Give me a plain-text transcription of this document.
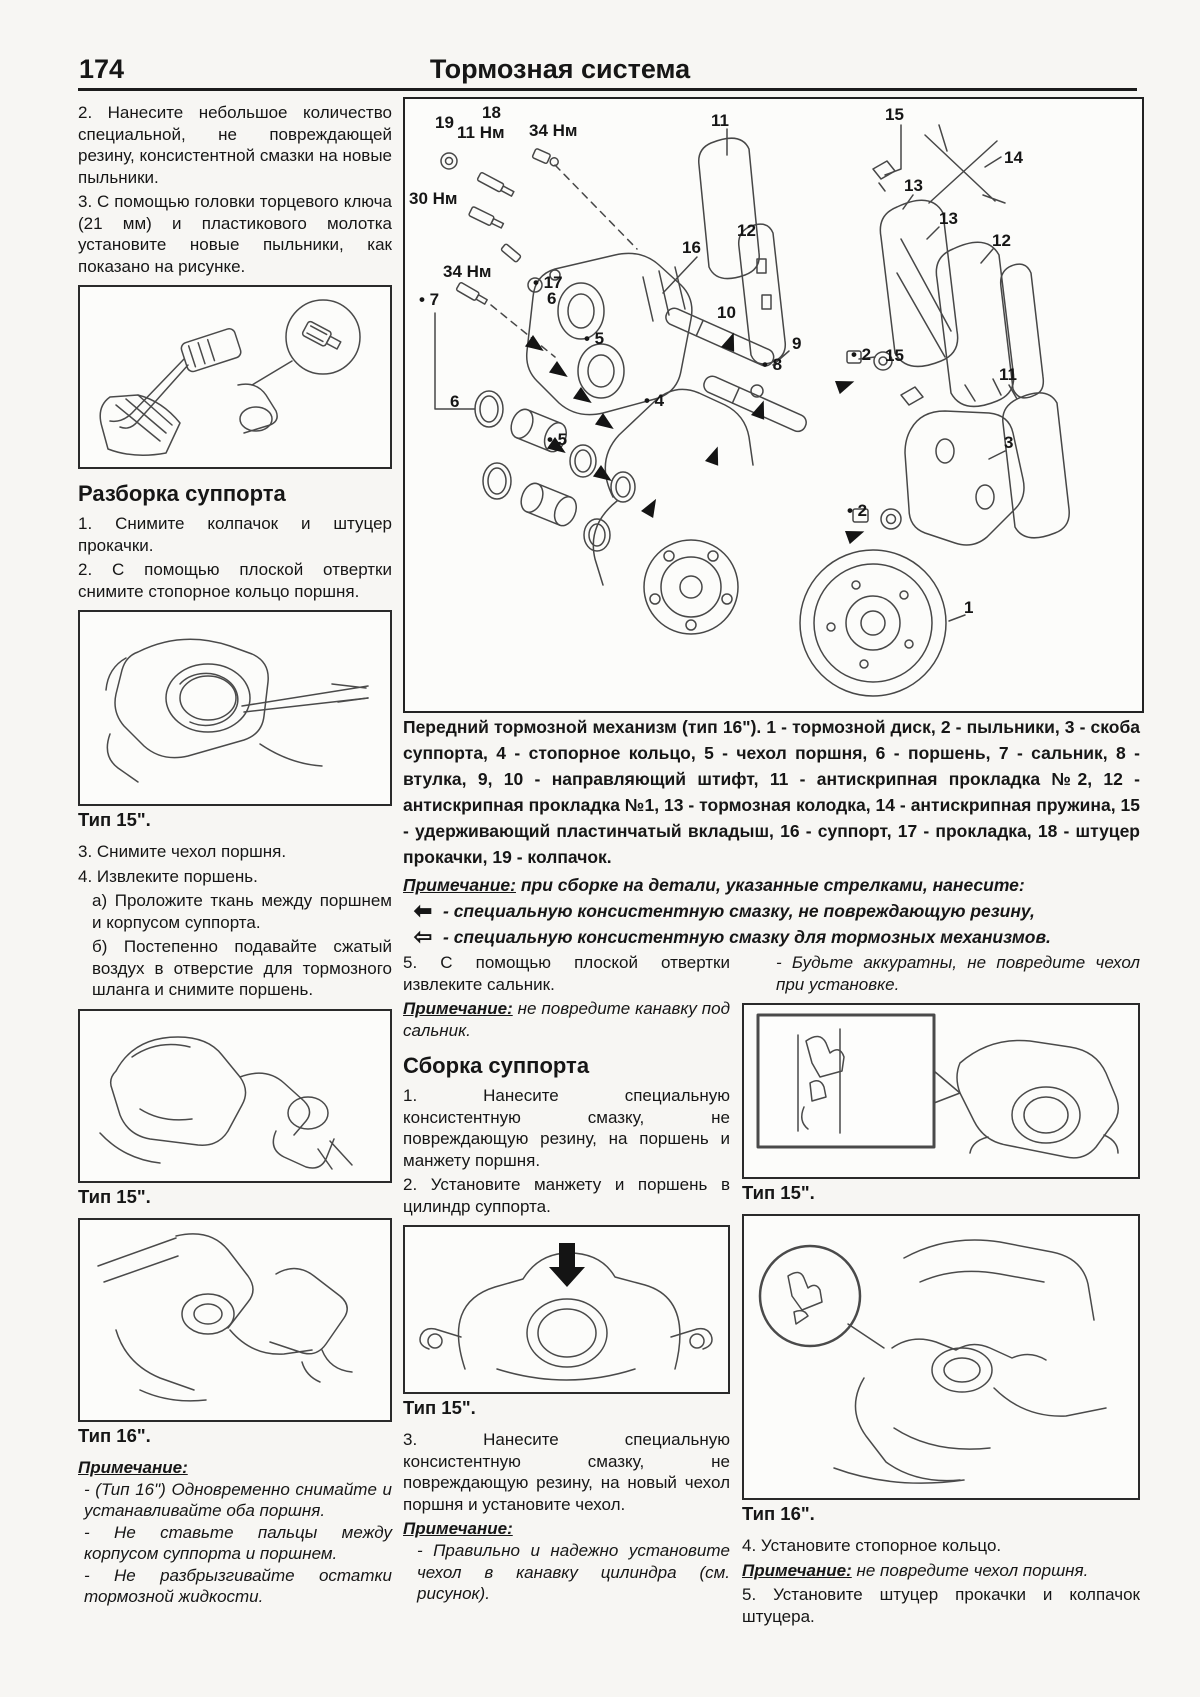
174	Тормозная система

2. Нанесите небольшое количество специальной, не повреждающей резину, консистентной смазки на новые пыльники.

3. С помощью головки торцевого ключа (21 мм) и пластикового молотка установите новые пыльники, как показано на рисунке.

Разборка суппорта

1. Снимите колпачок и штуцер прокачки.

2. С помощью плоской отвертки снимите стопорное кольцо поршня.

Тип 15".

3. Снимите чехол поршня.

4. Извлеките поршень.

а) Проложите ткань между поршнем и корпусом суппорта.

б) Постепенно подавайте сжатый воздух в отверстие для тормозного шланга и снимите поршень.

Тип 15".
Тип 16".
Примечание:
- (Тип 16") Одновременно снимайте и устанавливайте оба поршня.
- Не ставьте пальцы между корпусом суппорта и поршнем.
- Не разбрызгивайте остатки тормозной жидкости.
19
18
11 Нм 34 Нм
30 Нм
34 Нм
• 17
• 7	6
• 5
16
10
9
• 8
• 4
• 5
6
11	15
12
13
14
13
12
• 2 15
11
3
• 2
1

Передний тормозной механизм (тип 16"). 1 - тормозной диск, 2 - пыльники, 3 - скоба суппорта, 4 - стопорное кольцо, 5 - чехол поршня, 6 - поршень, 7 - сальник, 8 - втулка, 9, 10 - направляющий штифт, 11 - антискрипная прокладка №2, 12 - антискрипная прокладка №1, 13 - тормозная колодка, 14 - антискрипная пружина, 15 - удерживающий пластинчатый вкладыш, 16 - суппорт, 17 - прокладка, 18 - штуцер прокачки, 19 - колпачок.

Примечание: при сборке на детали, указанные стрелками, нанесите:

⬅ - специальную консистентную смазку, не повреждающую резину,
⇦ - специальную консистентную смазку для тормозных механизмов.

5. С помощью плоской отвертки извлеките сальник.

Примечание: не повредите канавку под сальник.

Сборка суппорта

1. Нанесите специальную консистентную смазку, не повреждающую резину, на поршень и манжету поршня.

2. Установите манжету и поршень в цилиндр суппорта.

Тип 15".

3. Нанесите специальную консистентную смазку, не повреждающую резину, на новый чехол поршня и установите чехол.

Примечание:

- Правильно и надежно установите чехол в канавку цилиндра (см. рисунок).

- Будьте аккуратны, не повредите чехол при установке.

Тип 15".
Тип 16".

4. Установите стопорное кольцо.

Примечание: не повредите чехол поршня.

5. Установите штуцер прокачки и колпачок штуцера.
